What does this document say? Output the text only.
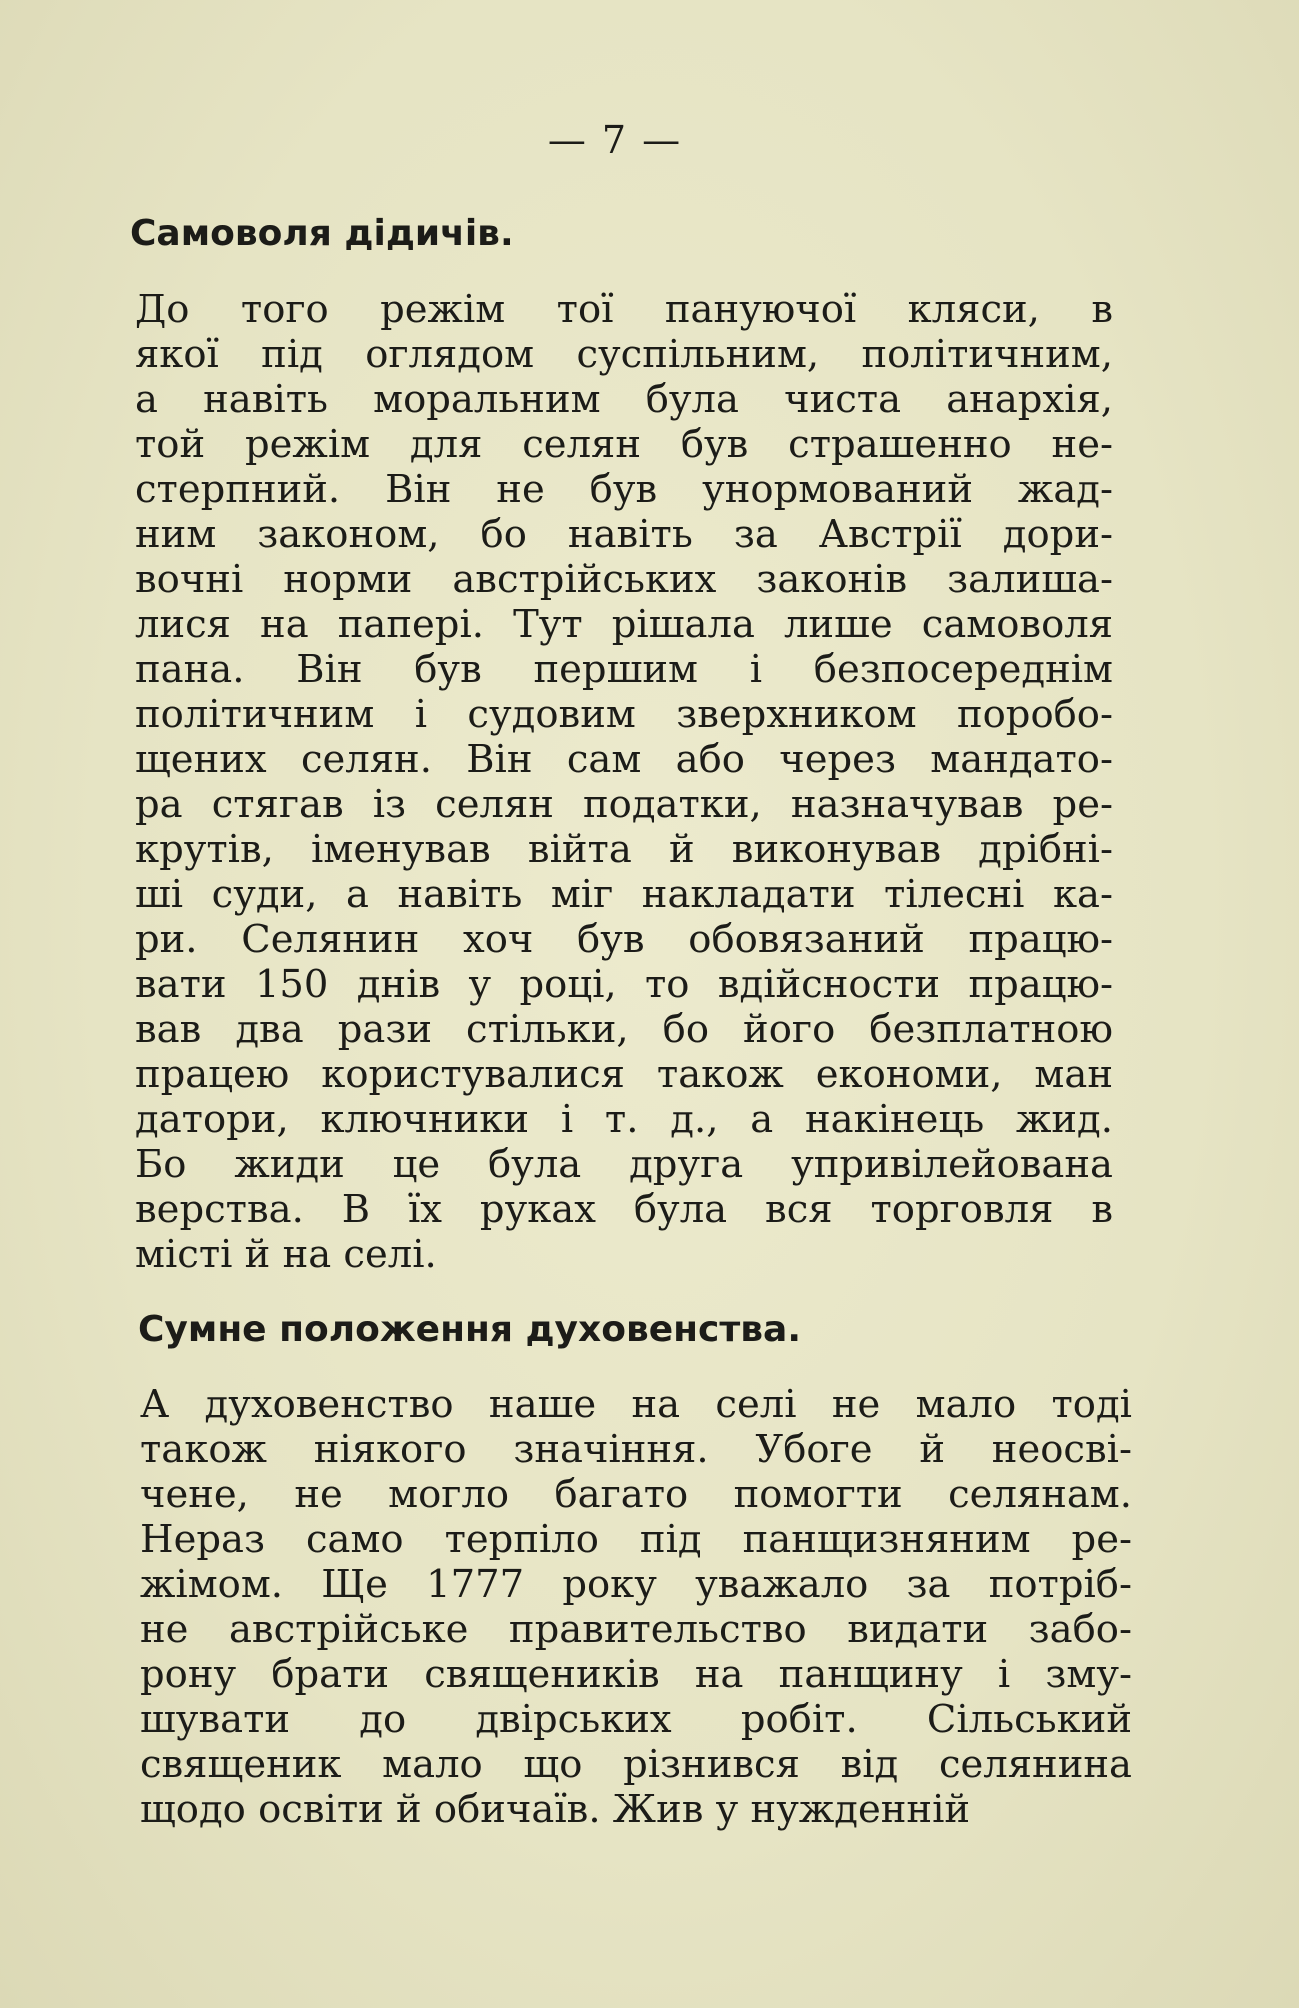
— 7 —
Самоволя дідичів.
До того режім тої пануючої кляси, в
якої під оглядом суспільним, політичним,
а навіть моральним була чиста анархія,
той режім для селян був страшенно не-
стерпний. Він не був унормований жад-
ним законом, бо навіть за Австрії дори-
вочні норми австрійських законів залиша-
лися на папері. Тут рішала лише самоволя
пана. Він був першим і безпосереднім
політичним і судовим зверхником поробо-
щених селян. Він сам або через мандато-
ра стягав із селян податки, назначував ре-
крутів, іменував війта й виконував дрібні-
ші суди, а навіть міг накладати тілесні ка-
ри. Селянин хоч був обовязаний працю-
вати 150 днів у році, то вдійсности працю-
вав два рази стільки, бо його безплатною
працею користувалися також економи, ман
датори, ключники і т. д., а накінець жид.
Бо жиди це була друга упривілейована
верства. В їх руках була вся торговля в
місті й на селі.
Сумне положення духовенства.
А духовенство наше на селі не мало тоді
також ніякого значіння. Убоге й неосві-
чене, не могло багато помогти селянам.
Нераз само терпіло під панщизняним ре-
жімом. Ще 1777 року уважало за потріб-
не австрійське правительство видати забо-
рону брати священиків на панщину і зму-
шувати до двірських робіт. Сільський
священик мало що різнився від селянина
щодо освіти й обичаїв. Жив у нужденній
